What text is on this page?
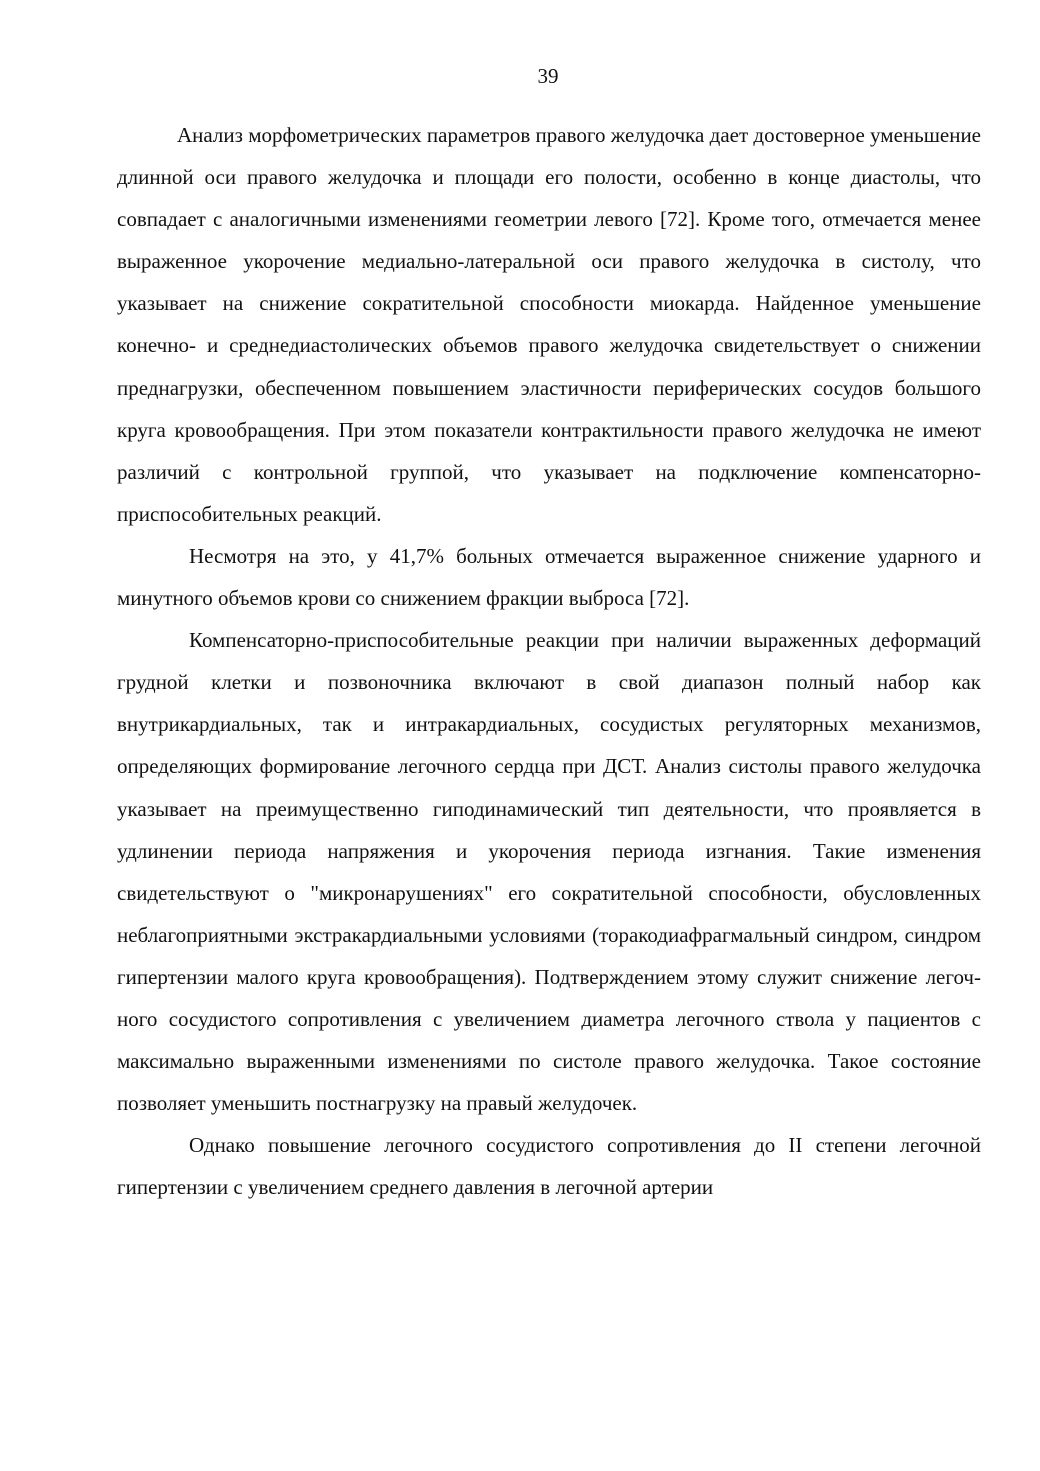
39

Анализ морфометрических параметров правого желудочка дает достоверное уменьшение длинной оси правого желудочка и площади его полости, особенно в конце диастолы, что совпадает с аналогичными изменениями геометрии левого [72]. Кроме того, отмечается менее выраженное укорочение медиально-латеральной оси правого желудочка в систолу, что указывает на снижение сократительной способности миокарда. Найденное уменьшение конечно- и среднедиастолических объемов правого желудочка свидетельствует о снижении преднагрузки, обеспеченном повышением эластичности периферических сосудов большого круга кровообращения. При этом показатели контрактильности правого желудочка не имеют различий с контрольной группой, что указывает на подключение компенсаторно-приспособительных реакций.

Несмотря на это, у 41,7% больных отмечается выраженное снижение ударного и минутного объемов крови со снижением фракции выброса [72].

Компенсаторно-приспособительные реакции при наличии выраженных деформаций грудной клетки и позвоночника включают в свой диапазон полный набор как внутрикардиальных, так и интракардиальных, сосудистых регуляторных механизмов, определяющих формирование легочного сердца при ДСТ. Анализ систолы правого желудочка указывает на преимущественно гиподинамический тип деятельности, что проявляется в удлинении периода напряжения и укорочения периода изгнания. Такие изменения свидетельствуют о "микронарушениях" его сократительной способности, обусловленных неблагоприятными экстракардиальными условиями (торакодиафрагмальный синдром, синдром гипертензии малого круга кровообращения). Подтверждением этому служит снижение легочного сосудистого сопротивления с увеличением диаметра легочного ствола у пациентов с максимально выраженными изменениями по систоле правого желудочка. Такое состояние позволяет уменьшить постнагрузку на правый желудочек.

Однако повышение легочного сосудистого сопротивления до II степени легочной гипертензии с увеличением среднего давления в легочной артерии
